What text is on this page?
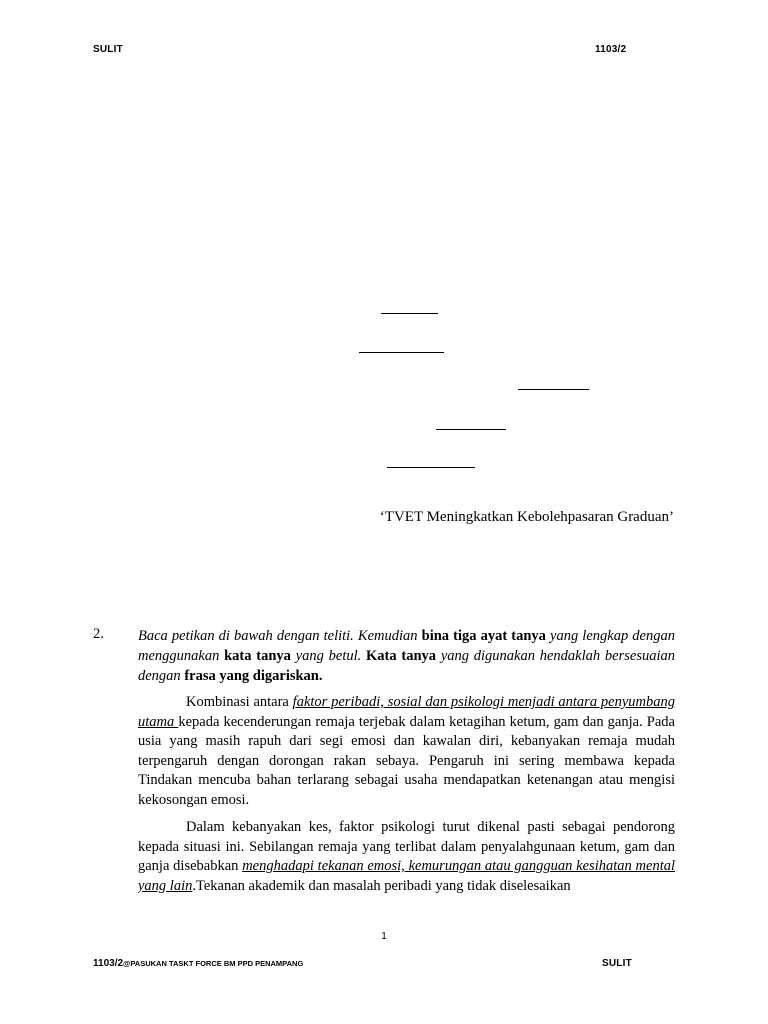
SULIT	1103/2
‘TVET Meningkatkan Kebolehpasaran Graduan’
2. Baca petikan di bawah dengan teliti. Kemudian bina tiga ayat tanya yang lengkap dengan menggunakan kata tanya yang betul. Kata tanya yang digunakan hendaklah bersesuaian dengan frasa yang digariskan.

Kombinasi antara faktor peribadi, sosial dan psikologi menjadi antara penyumbang utama kepada kecenderungan remaja terjebak dalam ketagihan ketum, gam dan ganja. Pada usia yang masih rapuh dari segi emosi dan kawalan diri, kebanyakan remaja mudah terpengaruh dengan dorongan rakan sebaya. Pengaruh ini sering membawa kepada Tindakan mencuba bahan terlarang sebagai usaha mendapatkan ketenangan atau mengisi kekosongan emosi.

Dalam kebanyakan kes, faktor psikologi turut dikenal pasti sebagai pendorong kepada situasi ini. Sebilangan remaja yang terlibat dalam penyalahgunaan ketum, gam dan ganja disebabkan menghadapi tekanan emosi, kemurungan atau gangguan kesihatan mental yang lain.Tekanan akademik dan masalah peribadi yang tidak diselesaikan

1
1103/2@PASUKAN TASKT FORCE BM PPD PENAMPANG	SULIT
